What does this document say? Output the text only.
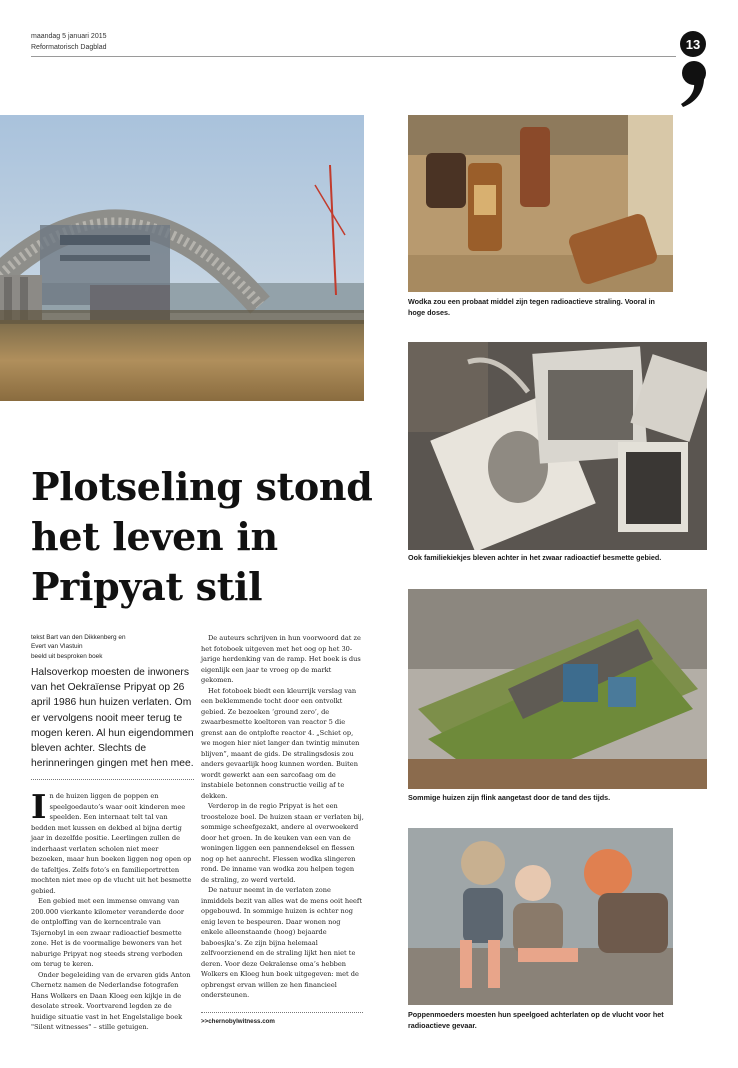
maandag 5 januari 2015
Reformatorisch Dagblad	13
Wodka zou een probaat middel zijn tegen radioactieve straling. Vooral in hoge doses.
Ook familiekiekjes bleven achter in het zwaar radioactief besmette gebied.
Sommige huizen zijn flink aangetast door de tand des tijds.
Poppenmoeders moesten hun speelgoed achterlaten op de vlucht voor het radioactieve gevaar.
Plotseling stond het leven in Pripyat stil
tekst Bart van den Dikkenberg en
Evert van Vlastuin
beeld uit besproken boek
Halsoverkop moesten de inwoners van het Oekraïense Pripyat op 26 april 1986 hun huizen verlaten. Om er vervolgens nooit meer terug te mogen keren. Al hun eigendommen bleven achter. Slechts de herinneringen gingen met hen mee.

In de huizen liggen de poppen en speelgoedauto’s waar ooit kinderen mee speelden. Een internaat telt tal van bedden met kussen en dekbed al bijna dertig jaar in dezelfde positie. Leerlingen zullen de inderhaast verlaten scholen niet meer bezoeken, maar hun boeken liggen nog open op de tafeltjes. Zelfs foto’s en familieportretten mochten niet mee op de vlucht uit het besmette gebied.

Een gebied met een immense omvang van 200.000 vierkante kilometer veranderde door de ontploffing van de kerncentrale van Tsjernobyl in een zwaar radioactief besmette zone. Het is de voormalige bewoners van het naburige Pripyat nog steeds streng verboden om terug te keren.

Onder begeleiding van de ervaren gids Anton Chernetz namen de Nederlandse fotografen Hans Wolkers en Daan Kloeg een kijkje in de desolate streek. Voortvarend legden ze de huidige situatie vast in het Engelstalige boek "Silent witnesses" – stille getuigen.

De auteurs schrijven in hun voorwoord dat ze het fotoboek uitgeven met het oog op het 30-jarige herdenking van de ramp. Het boek is dus eigenlijk een jaar te vroeg op de markt gekomen.

Het fotoboek biedt een kleurrijk verslag van een beklemmende tocht door een ontvolkt gebied. Ze bezoeken ‘ground zero’, de zwaarbesmette koeltoren van reactor 5 die grenst aan de ontplofte reactor 4. „Schiet op, we mogen hier niet langer dan twintig minuten blijven”, maant de gids. De stralingsdosis zou anders gevaarlijk hoog kunnen worden. Buiten wordt gewerkt aan een sarcofaag om de instabiele betonnen constructie veilig af te dekken.

Verderop in de regio Pripyat is het een troosteloze boel. De huizen staan er verlaten bij, sommige scheefgezakt, andere al overwoekerd door het groen. In de keuken van een van de woningen liggen een pannendeksel en flessen nog op het aanrecht. Flessen wodka slingeren rond. De inname van wodka zou helpen tegen de straling, zo werd verteld.

De natuur neemt in de verlaten zone inmiddels bezit van alles wat de mens ooit heeft opgebouwd. In sommige huizen is echter nog enig leven te bespeuren. Daar wonen nog enkele alleenstaande (hoog) bejaarde baboesjka’s. Ze zijn bijna helemaal zelfvoorzienend en de straling lijkt hen niet te deren. Voor deze Oekraïense oma’s hebben Wolkers en Kloeg hun boek uitgegeven: met de opbrengst ervan willen ze hen financieel ondersteunen.

>>chernobylwitness.com
